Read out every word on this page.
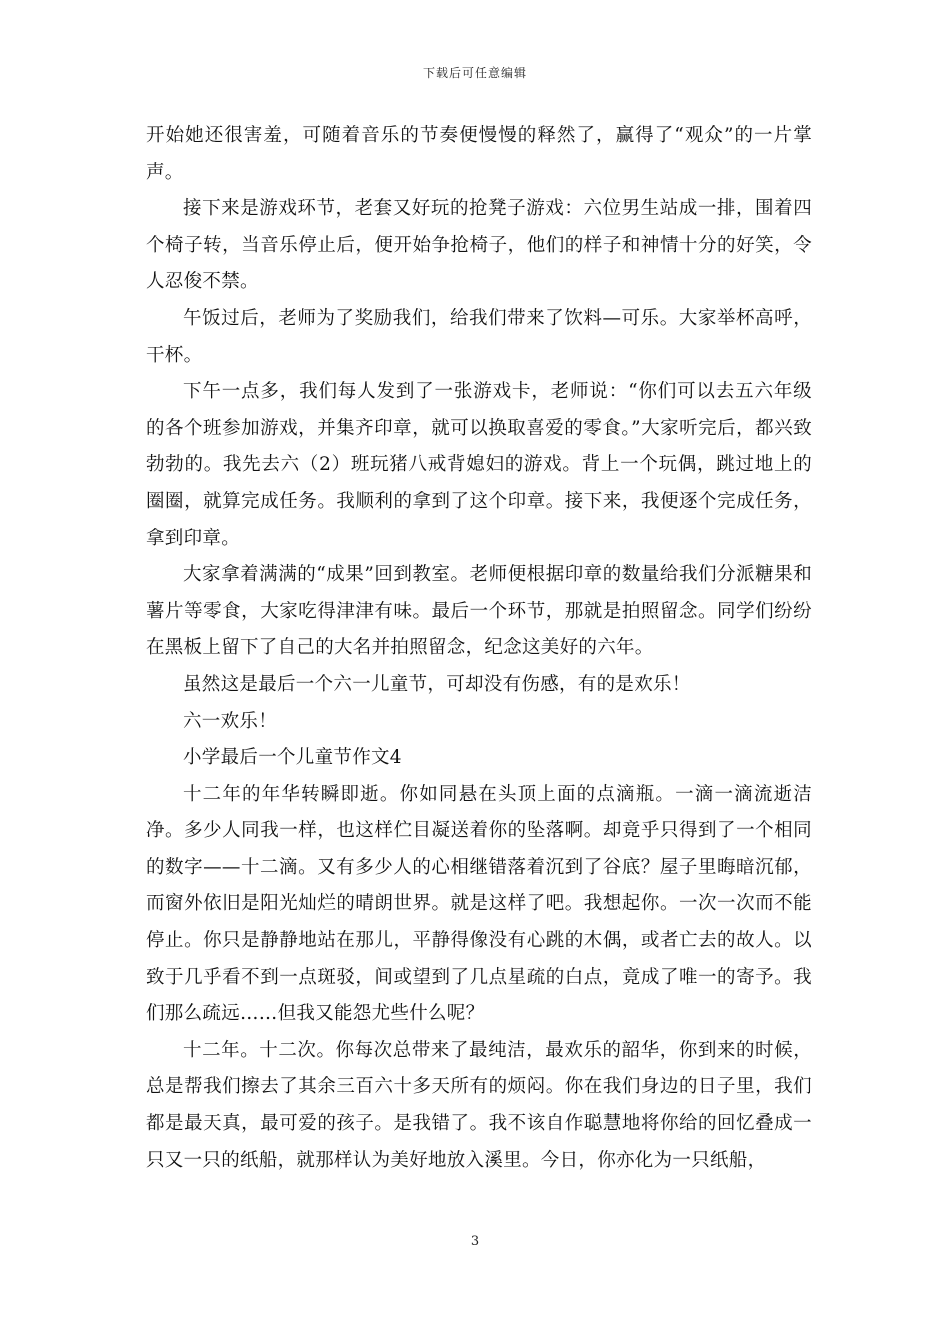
下载后可任意编辑

开始她还很害羞，可随着音乐的节奏便慢慢的释然了，赢得了“观众”的一片掌声。

接下来是游戏环节，老套又好玩的抢凳子游戏：六位男生站成一排，围着四个椅子转，当音乐停止后，便开始争抢椅子，他们的样子和神情十分的好笑，令人忍俊不禁。

午饭过后，老师为了奖励我们，给我们带来了饮料—可乐。大家举杯高呼，干杯。

下午一点多，我们每人发到了一张游戏卡，老师说：“你们可以去五六年级的各个班参加游戏，并集齐印章，就可以换取喜爱的零食。”大家听完后，都兴致勃勃的。我先去六（2）班玩猪八戒背媳妇的游戏。背上一个玩偶，跳过地上的圈圈，就算完成任务。我顺利的拿到了这个印章。接下来，我便逐个完成任务，拿到印章。

大家拿着满满的“成果”回到教室。老师便根据印章的数量给我们分派糖果和薯片等零食，大家吃得津津有味。最后一个环节，那就是拍照留念。同学们纷纷在黑板上留下了自己的大名并拍照留念，纪念这美好的六年。

虽然这是最后一个六一儿童节，可却没有伤感，有的是欢乐！

六一欢乐！

小学最后一个儿童节作文4

十二年的年华转瞬即逝。你如同悬在头顶上面的点滴瓶。一滴一滴流逝洁净。多少人同我一样，也这样伫目凝送着你的坠落啊。却竟乎只得到了一个相同的数字——十二滴。又有多少人的心相继错落着沉到了谷底？屋子里晦暗沉郁，而窗外依旧是阳光灿烂的晴朗世界。就是这样了吧。我想起你。一次一次而不能停止。你只是静静地站在那儿，平静得像没有心跳的木偶，或者亡去的故人。以致于几乎看不到一点斑驳，间或望到了几点星疏的白点，竟成了唯一的寄予。我们那么疏远……但我又能怨尤些什么呢？

十二年。十二次。你每次总带来了最纯洁，最欢乐的韶华，你到来的时候，总是帮我们擦去了其余三百六十多天所有的烦闷。你在我们身边的日子里，我们都是最天真，最可爱的孩子。是我错了。我不该自作聪慧地将你给的回忆叠成一只又一只的纸船，就那样认为美好地放入溪里。今日，你亦化为一只纸船，

3
